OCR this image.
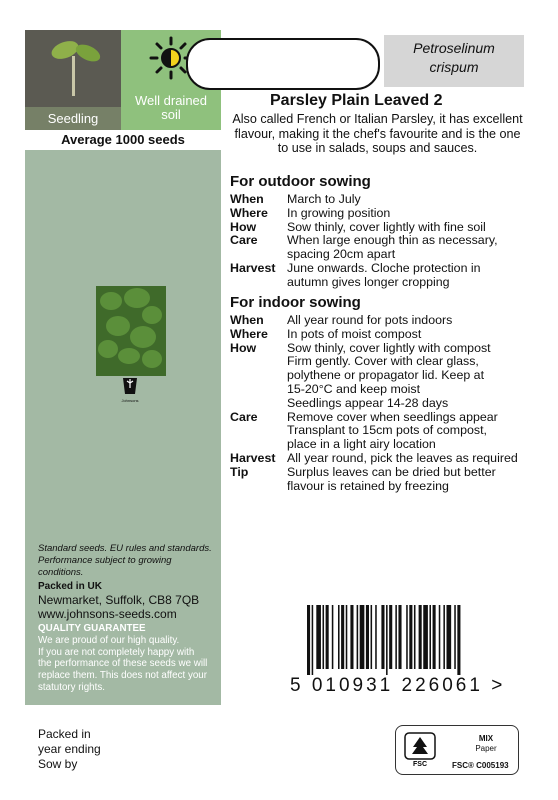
Seedling
Well drained soil
Average 1000 seeds
Johnsons
Standard seeds. EU rules and standards.
Performance subject to growing conditions.
Packed in UK
Newmarket, Suffolk, CB8 7QB
www.johnsons-seeds.com
QUALITY GUARANTEE
We are proud of our high quality.
If you are not completely happy with
the performance of these seeds we will
replace them. This does not affect your
statutory rights.
Petroselinum
crispum
Parsley Plain Leaved 2
Also called French or Italian Parsley, it has excellent flavour, making it the chef's favourite and is the one to use in salads, soups and sauces.
For outdoor sowing
When	March to July
Where	In growing position
How	Sow thinly, cover lightly with fine soil
Care	When large enough thin as necessary,
spacing 20cm apart
Harvest June onwards. Cloche protection in
autumn gives longer cropping
For indoor sowing
When	All year round for pots indoors
Where	In pots of moist compost
How	Sow thinly, cover lightly with compost
Firm gently. Cover with clear glass,
polythene or propagator lid. Keep at
15-20°C and keep moist
Seedlings appear 14-28 days
Care	Remove cover when seedlings appear
Transplant to 15cm pots of compost,
place in a light airy location
Harvest All year round, pick the leaves as required
Tip	Surplus leaves can be dried but better
flavour is retained by freezing
5 010931 226061 >
Packed in
year ending
Sow by	FSC
MIX
Paper
FSC® C005193
